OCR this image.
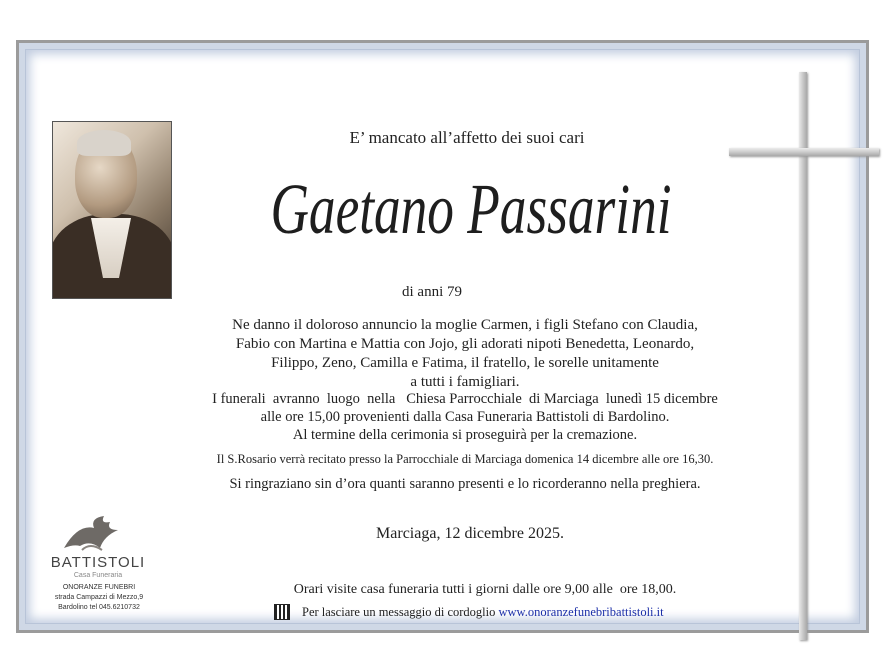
E’ mancato all’affetto dei suoi cari
Gaetano Passarini
di anni 79
Ne danno il doloroso annuncio la moglie Carmen, i figli Stefano con Claudia,
Fabio con Martina e Mattia con Jojo, gli adorati nipoti Benedetta, Leonardo,
Filippo, Zeno, Camilla e Fatima, il fratello, le sorelle unitamente
a tutti i famigliari.
I funerali  avranno  luogo  nella   Chiesa Parrocchiale  di Marciaga  lunedì 15 dicembre
alle ore 15,00 provenienti dalla Casa Funeraria Battistoli di Bardolino.
Al termine della cerimonia si proseguirà per la cremazione.
Il S.Rosario verrà recitato presso la Parrocchiale di Marciaga domenica 14 dicembre alle ore 16,30.
Si ringraziano sin d’ora quanti saranno presenti e lo ricorderanno nella preghiera.
Marciaga, 12 dicembre 2025.
Orari visite casa funeraria tutti i giorni dalle ore 9,00 alle  ore 18,00.
Per lasciare un messaggio di cordoglio www.onoranzefunebribattistoli.it
BATTISTOLI
Casa Funeraria
ONORANZE FUNEBRI
strada Campazzi di Mezzo,9
Bardolino tel 045.6210732
